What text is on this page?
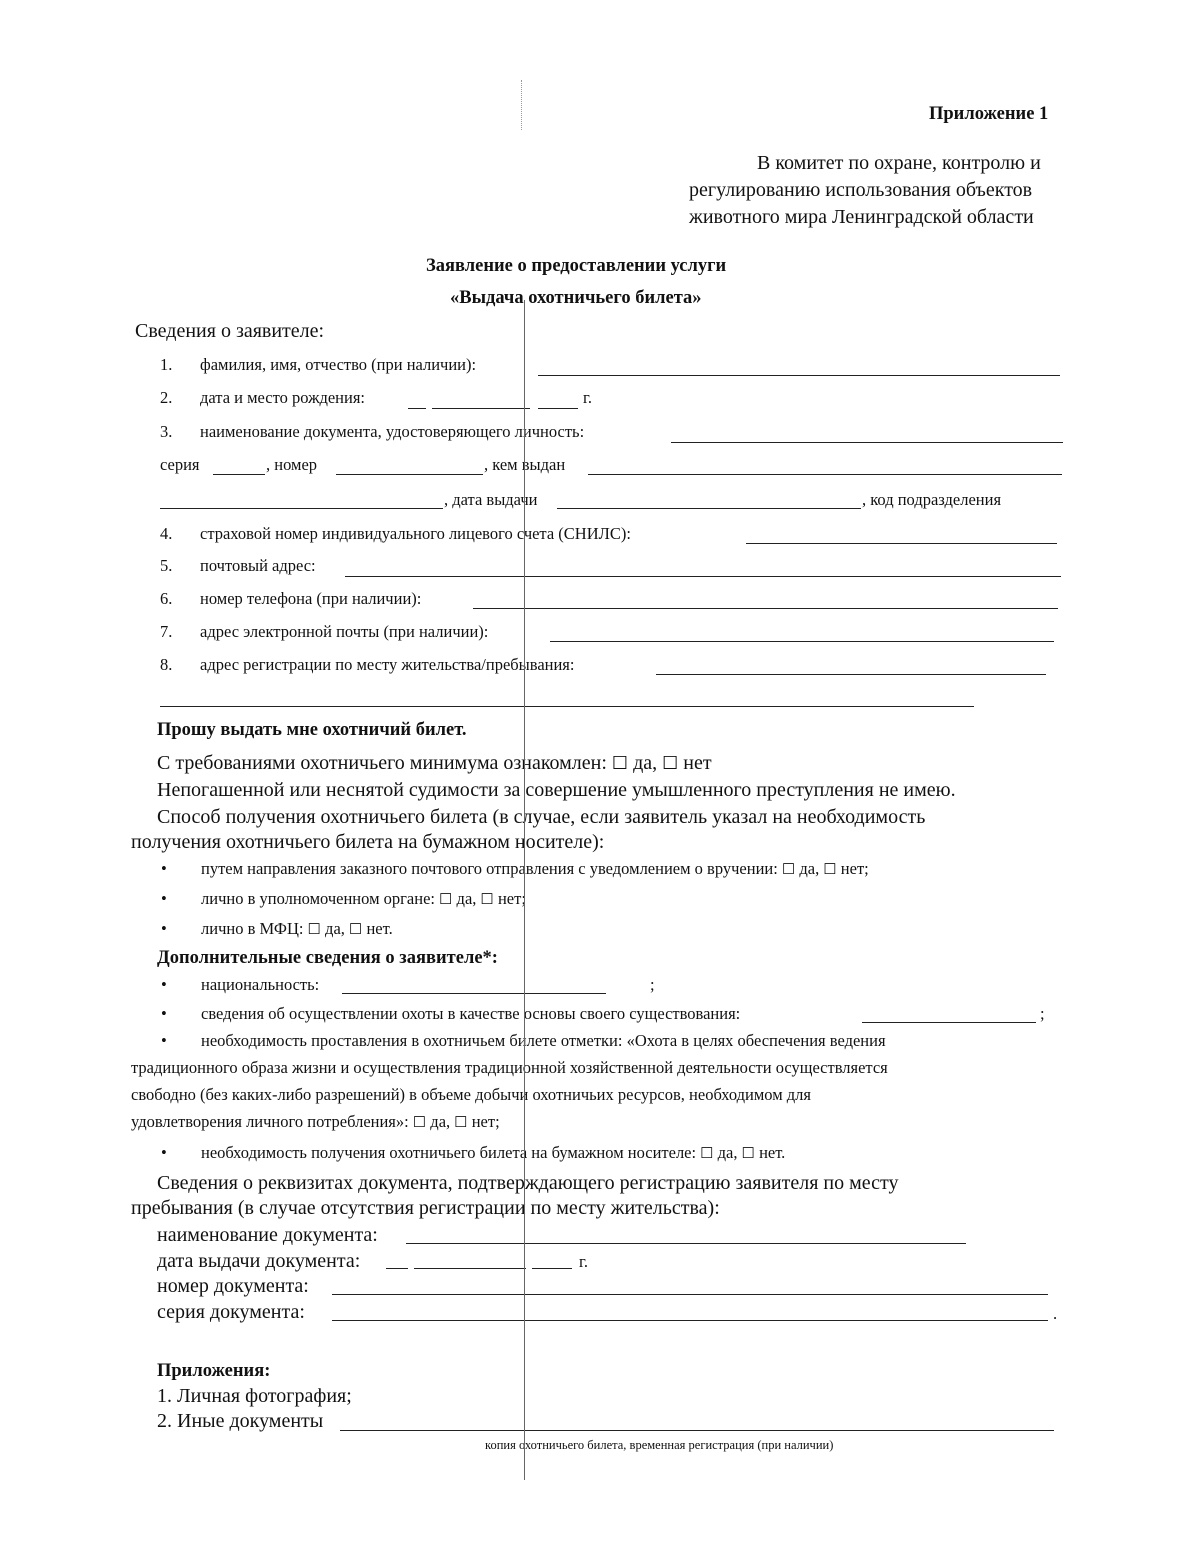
Приложение 1
В комитет по охране, контролю и
регулированию использования объектов
животного мира Ленинградской области
Заявление о предоставлении услуги
«Выдача охотничьего билета»
Сведения о заявителе:
1. фамилия, имя, отчество (при наличии):
2. дата и место рождения:	г.
3. наименование документа, удостоверяющего личность:
серия	, номер	, кем выдан
, дата выдачи	, код подразделения
4. страховой номер индивидуального лицевого счета (СНИЛС):
5. почтовый адрес:
6. номер телефона (при наличии):
7. адрес электронной почты (при наличии):
8. адрес регистрации по месту жительства/пребывания:
Прошу выдать мне охотничий билет.
С требованиями охотничьего минимума ознакомлен: ☐ да, ☐ нет
Непогашенной или неснятой судимости за совершение умышленного преступления не имею.
Способ получения охотничьего билета (в случае, если заявитель указал на необходимость
получения охотничьего билета на бумажном носителе):
• путем направления заказного почтового отправления с уведомлением о вручении: ☐ да, ☐ нет;
• лично в уполномоченном органе: ☐ да, ☐ нет;
• лично в МФЦ: ☐ да, ☐ нет.
Дополнительные сведения о заявителе*:
• национальность:	;
• сведения об осуществлении охоты в качестве основы своего существования:	;
• необходимость проставления в охотничьем билете отметки: «Охота в целях обеспечения ведения
традиционного образа жизни и осуществления традиционной хозяйственной деятельности осуществляется
свободно (без каких-либо разрешений) в объеме добычи охотничьих ресурсов, необходимом для
удовлетворения личного потребления»: ☐ да, ☐ нет;
• необходимость получения охотничьего билета на бумажном носителе: ☐ да, ☐ нет.
Сведения о реквизитах документа, подтверждающего регистрацию заявителя по месту
пребывания (в случае отсутствия регистрации по месту жительства):
наименование документа:
дата выдачи документа:	г.
номер документа:
серия документа:	.
Приложения:
1. Личная фотография;
2. Иные документы
копия охотничьего билета, временная регистрация (при наличии)
